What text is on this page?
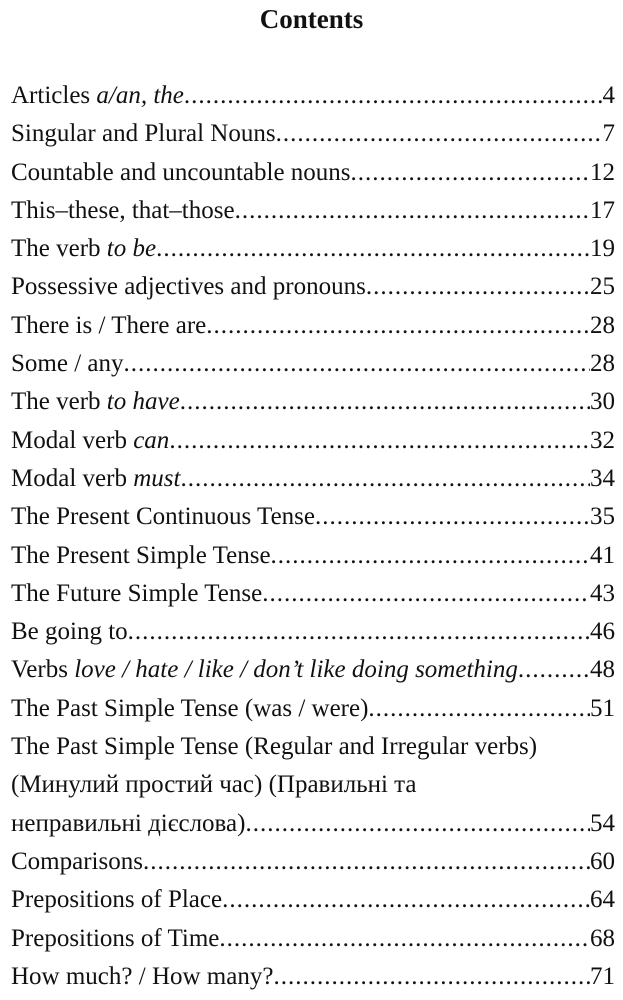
Contents
Articles a/an, the .....	4
Singular and Plural Nouns .....	7
Countable and uncountable nouns .....	12
This–these, that–those .....	17
The verb to be .....	19
Possessive adjectives and pronouns .....	25
There is / There are .....	28
Some / any .....	28
The verb to have .....	30
Modal verb can .....	32
Modal verb must .....	34
The Present Continuous Tense .....	35
The Present Simple Tense .....	41
The Future Simple Tense .....	43
Be going to .....	46
Verbs love / hate / like / don’t like doing something .....	48
The Past Simple Tense (was / were) .....	51
The Past Simple Tense (Regular and Irregular verbs)
(Минулий простий час) (Правильні та
неправильні дієслова) .....	54
Comparisons .....	60
Prepositions of Place .....	64
Prepositions of Time .....	68
How much? / How many? .....	71
